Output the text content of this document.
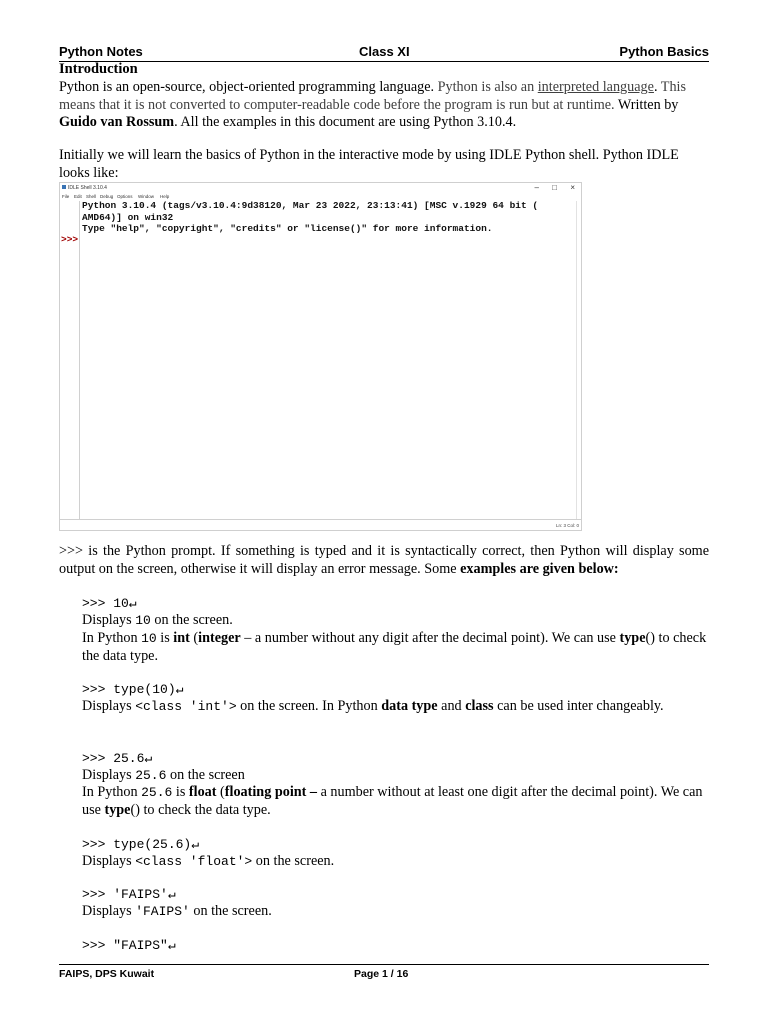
Python Notes	Class XI	Python Basics
Introduction
Python is an open-source, object-oriented programming language. Python is also an interpreted language. This means that it is not converted to computer-readable code before the program is run but at runtime. Written by Guido van Rossum. All the examples in this document are using Python 3.10.4.
Initially we will learn the basics of Python in the interactive mode by using IDLE Python shell. Python IDLE looks like:
IDLE Shell 3.10.4	– □ ×
File Edit Shell Debug Options Window Help
>>>
Python 3.10.4 (tags/v3.10.4:9d38120, Mar 23 2022, 23:13:41) [MSC v.1929 64 bit (
AMD64)] on win32
Type "help", "copyright", "credits" or "license()" for more information.
Ln: 3 Col: 0
>>> is the Python prompt. If something is typed and it is syntactically correct, then Python will display some output on the screen, otherwise it will display an error message. Some examples are given below:
>>> 10↵
Displays 10 on the screen.
In Python 10 is int (integer – a number without any digit after the decimal point). We can use type() to check the data type.
>>> type(10)↵
Displays <class 'int'> on the screen. In Python data type and class can be used inter changeably.
>>> 25.6↵
Displays 25.6 on the screen
In Python 25.6 is float (floating point – a number without at least one digit after the decimal point). We can use type() to check the data type.
>>> type(25.6)↵
Displays <class 'float'> on the screen.
>>> 'FAIPS'↵
Displays 'FAIPS' on the screen.
>>> "FAIPS"↵
FAIPS, DPS Kuwait	Page 1 / 16
